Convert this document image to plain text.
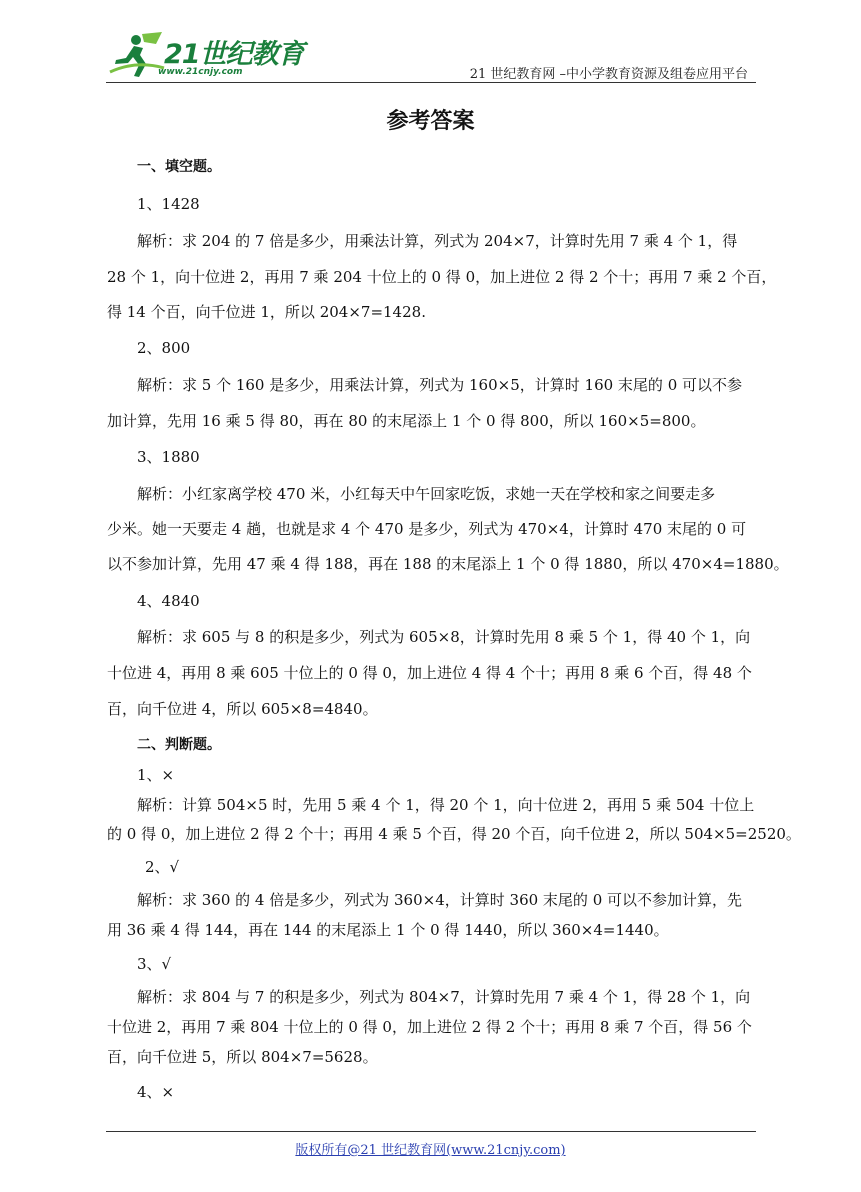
21世纪教育
www.21cnjy.com	21 世纪教育网 –中小学教育资源及组卷应用平台
参考答案
一、填空题。
1、1428
解析：求 204 的 7 倍是多少，用乘法计算，列式为 204×7，计算时先用 7 乘 4 个 1，得
28 个 1，向十位进 2，再用 7 乘 204 十位上的 0 得 0，加上进位 2 得 2 个十；再用 7 乘 2 个百，
得 14 个百，向千位进 1，所以 204×7=1428.
2、800
解析：求 5 个 160 是多少，用乘法计算，列式为 160×5，计算时 160 末尾的 0 可以不参
加计算，先用 16 乘 5 得 80，再在 80 的末尾添上 1 个 0 得 800，所以 160×5=800。
3、1880
解析：小红家离学校 470 米，小红每天中午回家吃饭，求她一天在学校和家之间要走多
少米。她一天要走 4 趟，也就是求 4 个 470 是多少，列式为 470×4，计算时 470 末尾的 0 可
以不参加计算，先用 47 乘 4 得 188，再在 188 的末尾添上 1 个 0 得 1880，所以 470×4=1880。
4、4840
解析：求 605 与 8 的积是多少，列式为 605×8，计算时先用 8 乘 5 个 1，得 40 个 1，向
十位进 4，再用 8 乘 605 十位上的 0 得 0，加上进位 4 得 4 个十；再用 8 乘 6 个百，得 48 个
百，向千位进 4，所以 605×8=4840。
二、判断题。
1、×
解析：计算 504×5 时，先用 5 乘 4 个 1，得 20 个 1，向十位进 2，再用 5 乘 504 十位上
的 0 得 0，加上进位 2 得 2 个十；再用 4 乘 5 个百，得 20 个百，向千位进 2，所以 504×5=2520。
2、√
解析：求 360 的 4 倍是多少，列式为 360×4，计算时 360 末尾的 0 可以不参加计算，先
用 36 乘 4 得 144，再在 144 的末尾添上 1 个 0 得 1440，所以 360×4=1440。
3、√
解析：求 804 与 7 的积是多少，列式为 804×7，计算时先用 7 乘 4 个 1，得 28 个 1，向
十位进 2，再用 7 乘 804 十位上的 0 得 0，加上进位 2 得 2 个十；再用 8 乘 7 个百，得 56 个
百，向千位进 5，所以 804×7=5628。
4、×
版权所有@21 世纪教育网(www.21cnjy.com)
